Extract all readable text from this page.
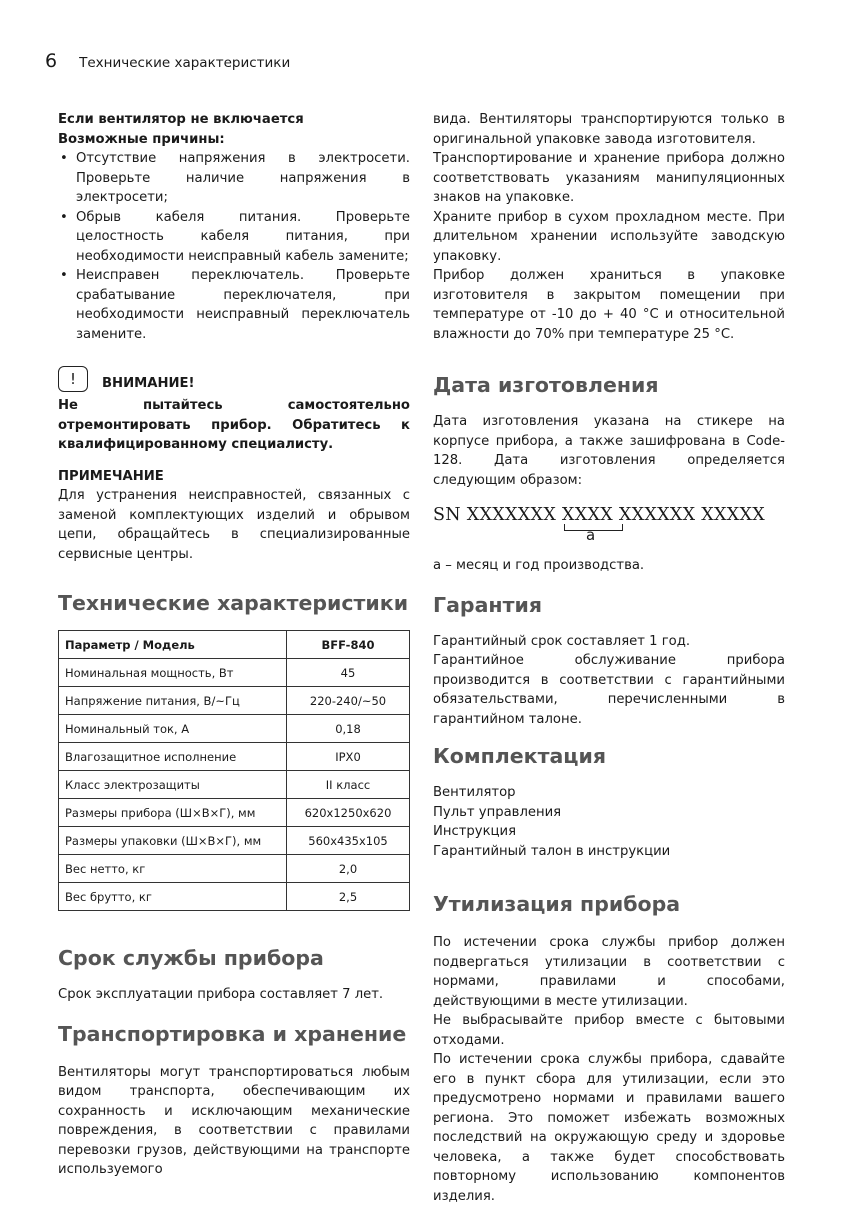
6 Технические характеристики

Если вентилятор не включается

Возможные причины:

• Отсутствие напряжения в электросети. Проверьте наличие напряжения в электросети;
• Обрыв кабеля питания. Проверьте целостность кабеля питания, при необходимости неисправный кабель замените;
• Неисправен переключатель. Проверьте срабатывание переключателя, при необходимости неисправный переключатель замените.
!	ВНИМАНИЕ!

Не пытайтесь самостоятельно отремонтировать прибор. Обратитесь к квалифицированному специалисту.

ПРИМЕЧАНИЕ

Для устранения неисправностей, связанных с заменой комплектующих изделий и обрывом цепи, обращайтесь в специализированные сервисные центры.

Технические характеристики
Параметр / Модель	BFF-840
Номинальная мощность, Вт	45
Напряжение питания, В/~Гц	220-240/~50
Номинальный ток, А	0,18
Влагозащитное исполнение	IPX0
Класс электрозащиты	II класс
Размеры прибора (Ш×В×Г), мм	620x1250x620
Размеры упаковки (Ш×В×Г), мм	560x435x105
Вес нетто, кг	2,0
Вес брутто, кг	2,5
Срок службы прибора

Срок эксплуатации прибора составляет 7 лет.

Транспортировка и хранение

Вентиляторы могут транспортироваться любым видом транспорта, обеспечивающим их сохранность и исключающим механические повреждения, в соответствии с правилами перевозки грузов, действующими на транспорте используемого

вида. Вентиляторы транспортируются только в оригинальной упаковке завода изготовителя.

Транспортирование и хранение прибора должно соответствовать указаниям манипуляционных знаков на упаковке.

Храните прибор в сухом прохладном месте. При длительном хранении используйте заводскую упаковку.

Прибор должен храниться в упаковке изготовителя в закрытом помещении при температуре от -10 до + 40 °С и относительной влажности до 70% при температуре 25 °С.

Дата изготовления

Дата изготовления указана на стикере на корпусе прибора, а также зашифрована в Code-128. Дата изготовления определяется следующим образом:

SN XXXXXXX XXXX XXXXXX XXXXX
a

а – месяц и год производства.

Гарантия

Гарантийный срок составляет 1 год.

Гарантийное обслуживание прибора производится в соответствии с гарантийными обязательствами, перечисленными в гарантийном талоне.

Комплектация
Вентилятор
Пульт управления
Инструкция
Гарантийный талон в инструкции
Утилизация прибора

По истечении срока службы прибор должен подвергаться утилизации в соответствии с нормами, правилами и способами, действующими в месте утилизации.

Не выбрасывайте прибор вместе с бытовыми отходами.

По истечении срока службы прибора, сдавайте его в пункт сбора для утилизации, если это предусмотрено нормами и правилами вашего региона. Это поможет избежать возможных последствий на окружающую среду и здоровье человека, а также будет способствовать повторному использованию компонентов изделия.
